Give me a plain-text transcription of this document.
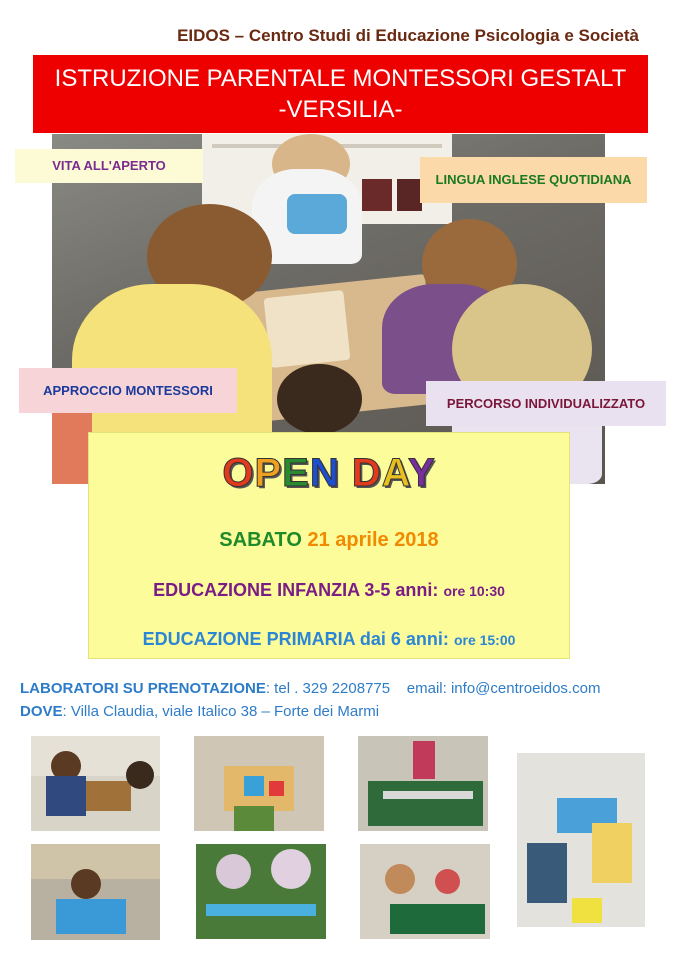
EIDOS – Centro Studi di Educazione Psicologia e Società
ISTRUZIONE PARENTALE MONTESSORI GESTALT
-VERSILIA-
VITA ALL'APERTO
LINGUA INGLESE QUOTIDIANA
APPROCCIO MONTESSORI
PERCORSO INDIVIDUALIZZATO
OPEN DAY
SABATO 21 aprile 2018
EDUCAZIONE INFANZIA 3-5 anni: ore 10:30
EDUCAZIONE PRIMARIA dai 6 anni: ore 15:00
LABORATORI SU PRENOTAZIONE: tel . 329 2208775 email: info@centroeidos.com
DOVE: Villa Claudia, viale Italico 38 – Forte dei Marmi
